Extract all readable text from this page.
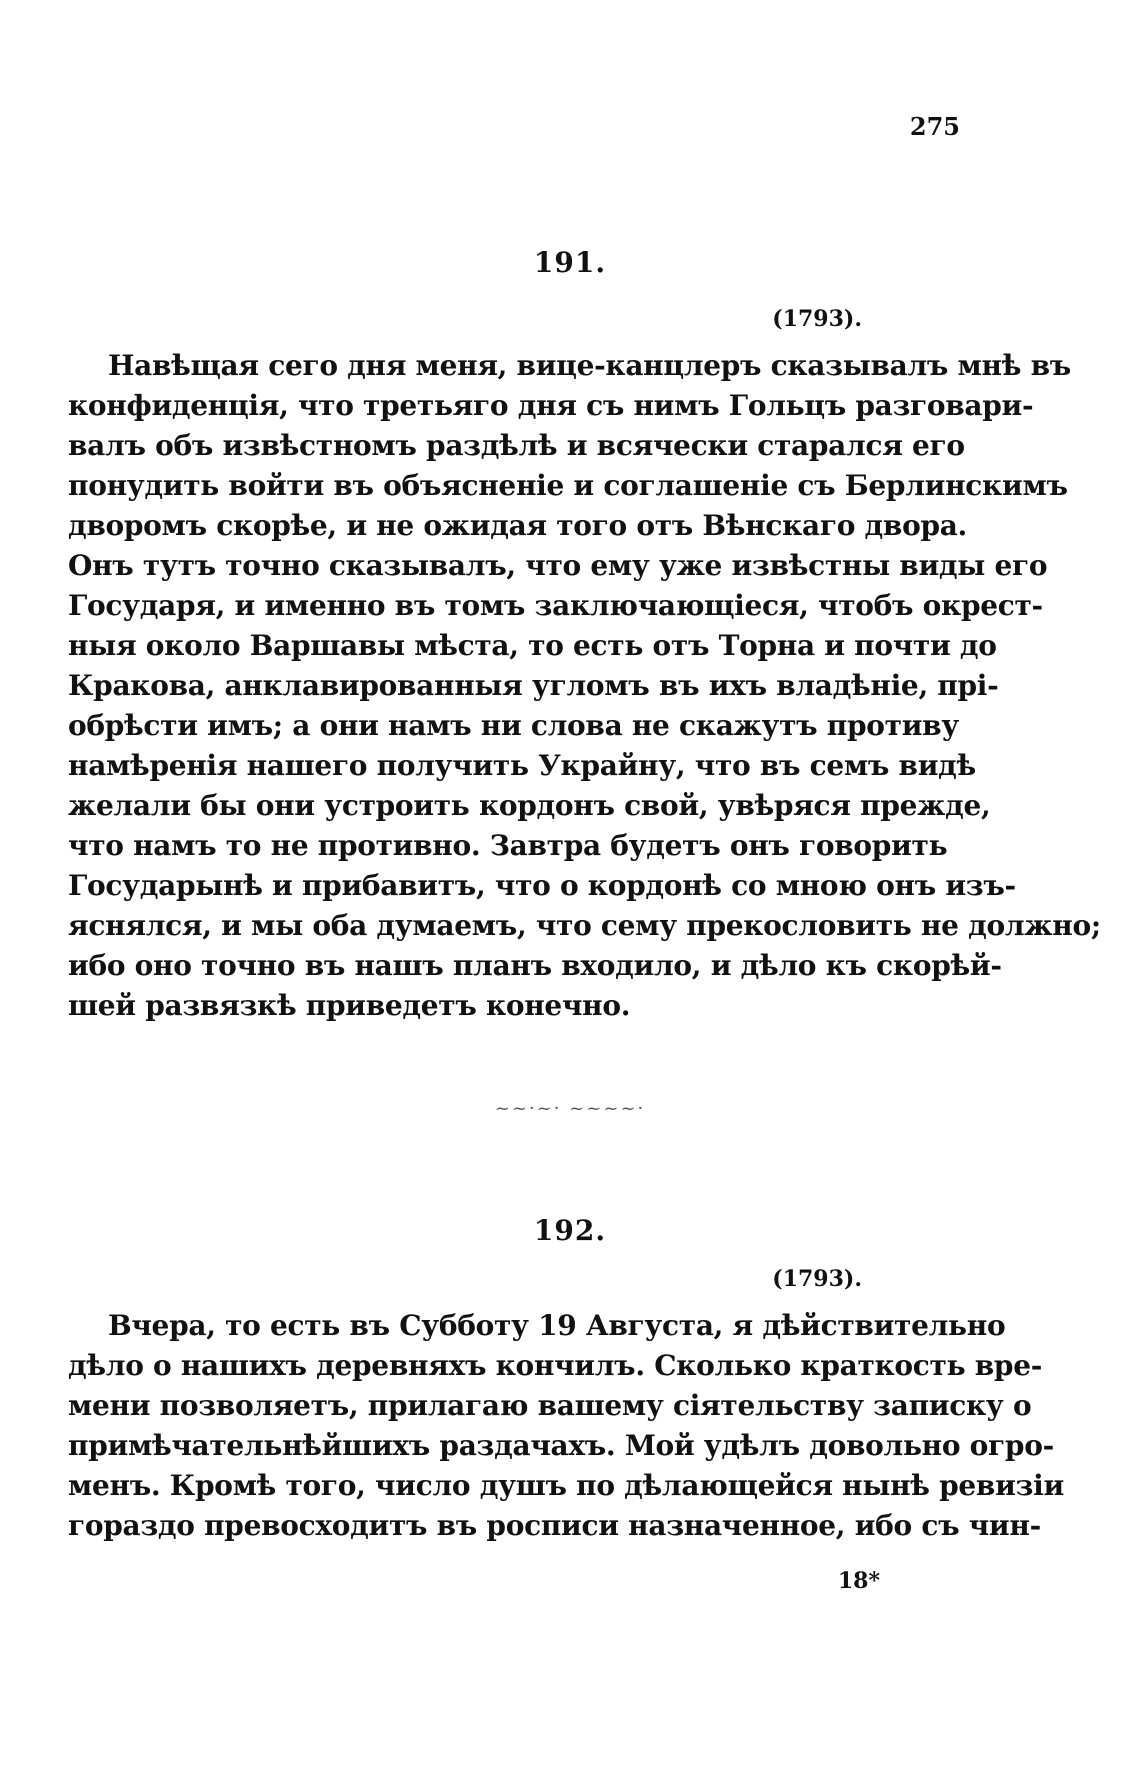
275
191.
(1793).
Навѣщая сего дня меня, вице-канцлеръ сказывалъ мнѣ въ
конфиденція, что третьяго дня съ нимъ Гольцъ разговари-
валъ объ извѣстномъ раздѣлѣ и всячески старался его
понудить войти въ объясненіе и соглашеніе съ Берлинскимъ
дворомъ скорѣе, и не ожидая того отъ Вѣнскаго двора.
Онъ тутъ точно сказывалъ, что ему уже извѣстны виды его
Государя, и именно въ томъ заключающіеся, чтобъ окрест-
ныя около Варшавы мѣста, то есть отъ Торна и почти до
Кракова, анклавированныя угломъ въ ихъ владѣніе, прі-
обрѣсти имъ; а они намъ ни слова не скажутъ противу
намѣренія нашего получить Украйну, что въ семъ видѣ
желали бы они устроить кордонъ свой, увѣряся прежде,
что намъ то не противно. Завтра будетъ онъ говорить
Государынѣ и прибавитъ, что о кордонѣ со мною онъ изъ-
яснялся, и мы оба думаемъ, что сему прекословить не должно;
ибо оно точно въ нашъ планъ входило, и дѣло къ скорѣй-
шей развязкѣ приведетъ конечно.
~~·~· ~~~~·
192.
(1793).
Вчера, то есть въ Субботу 19 Августа, я дѣйствительно
дѣло о нашихъ деревняхъ кончилъ. Сколько краткость вре-
мени позволяетъ, прилагаю вашему сіятельству записку о
примѣчательнѣйшихъ раздачахъ. Мой удѣлъ довольно огро-
менъ. Кромѣ того, число душъ по дѣлающейся нынѣ ревизіи
гораздо превосходитъ въ росписи назначенное, ибо съ чин-
18*
